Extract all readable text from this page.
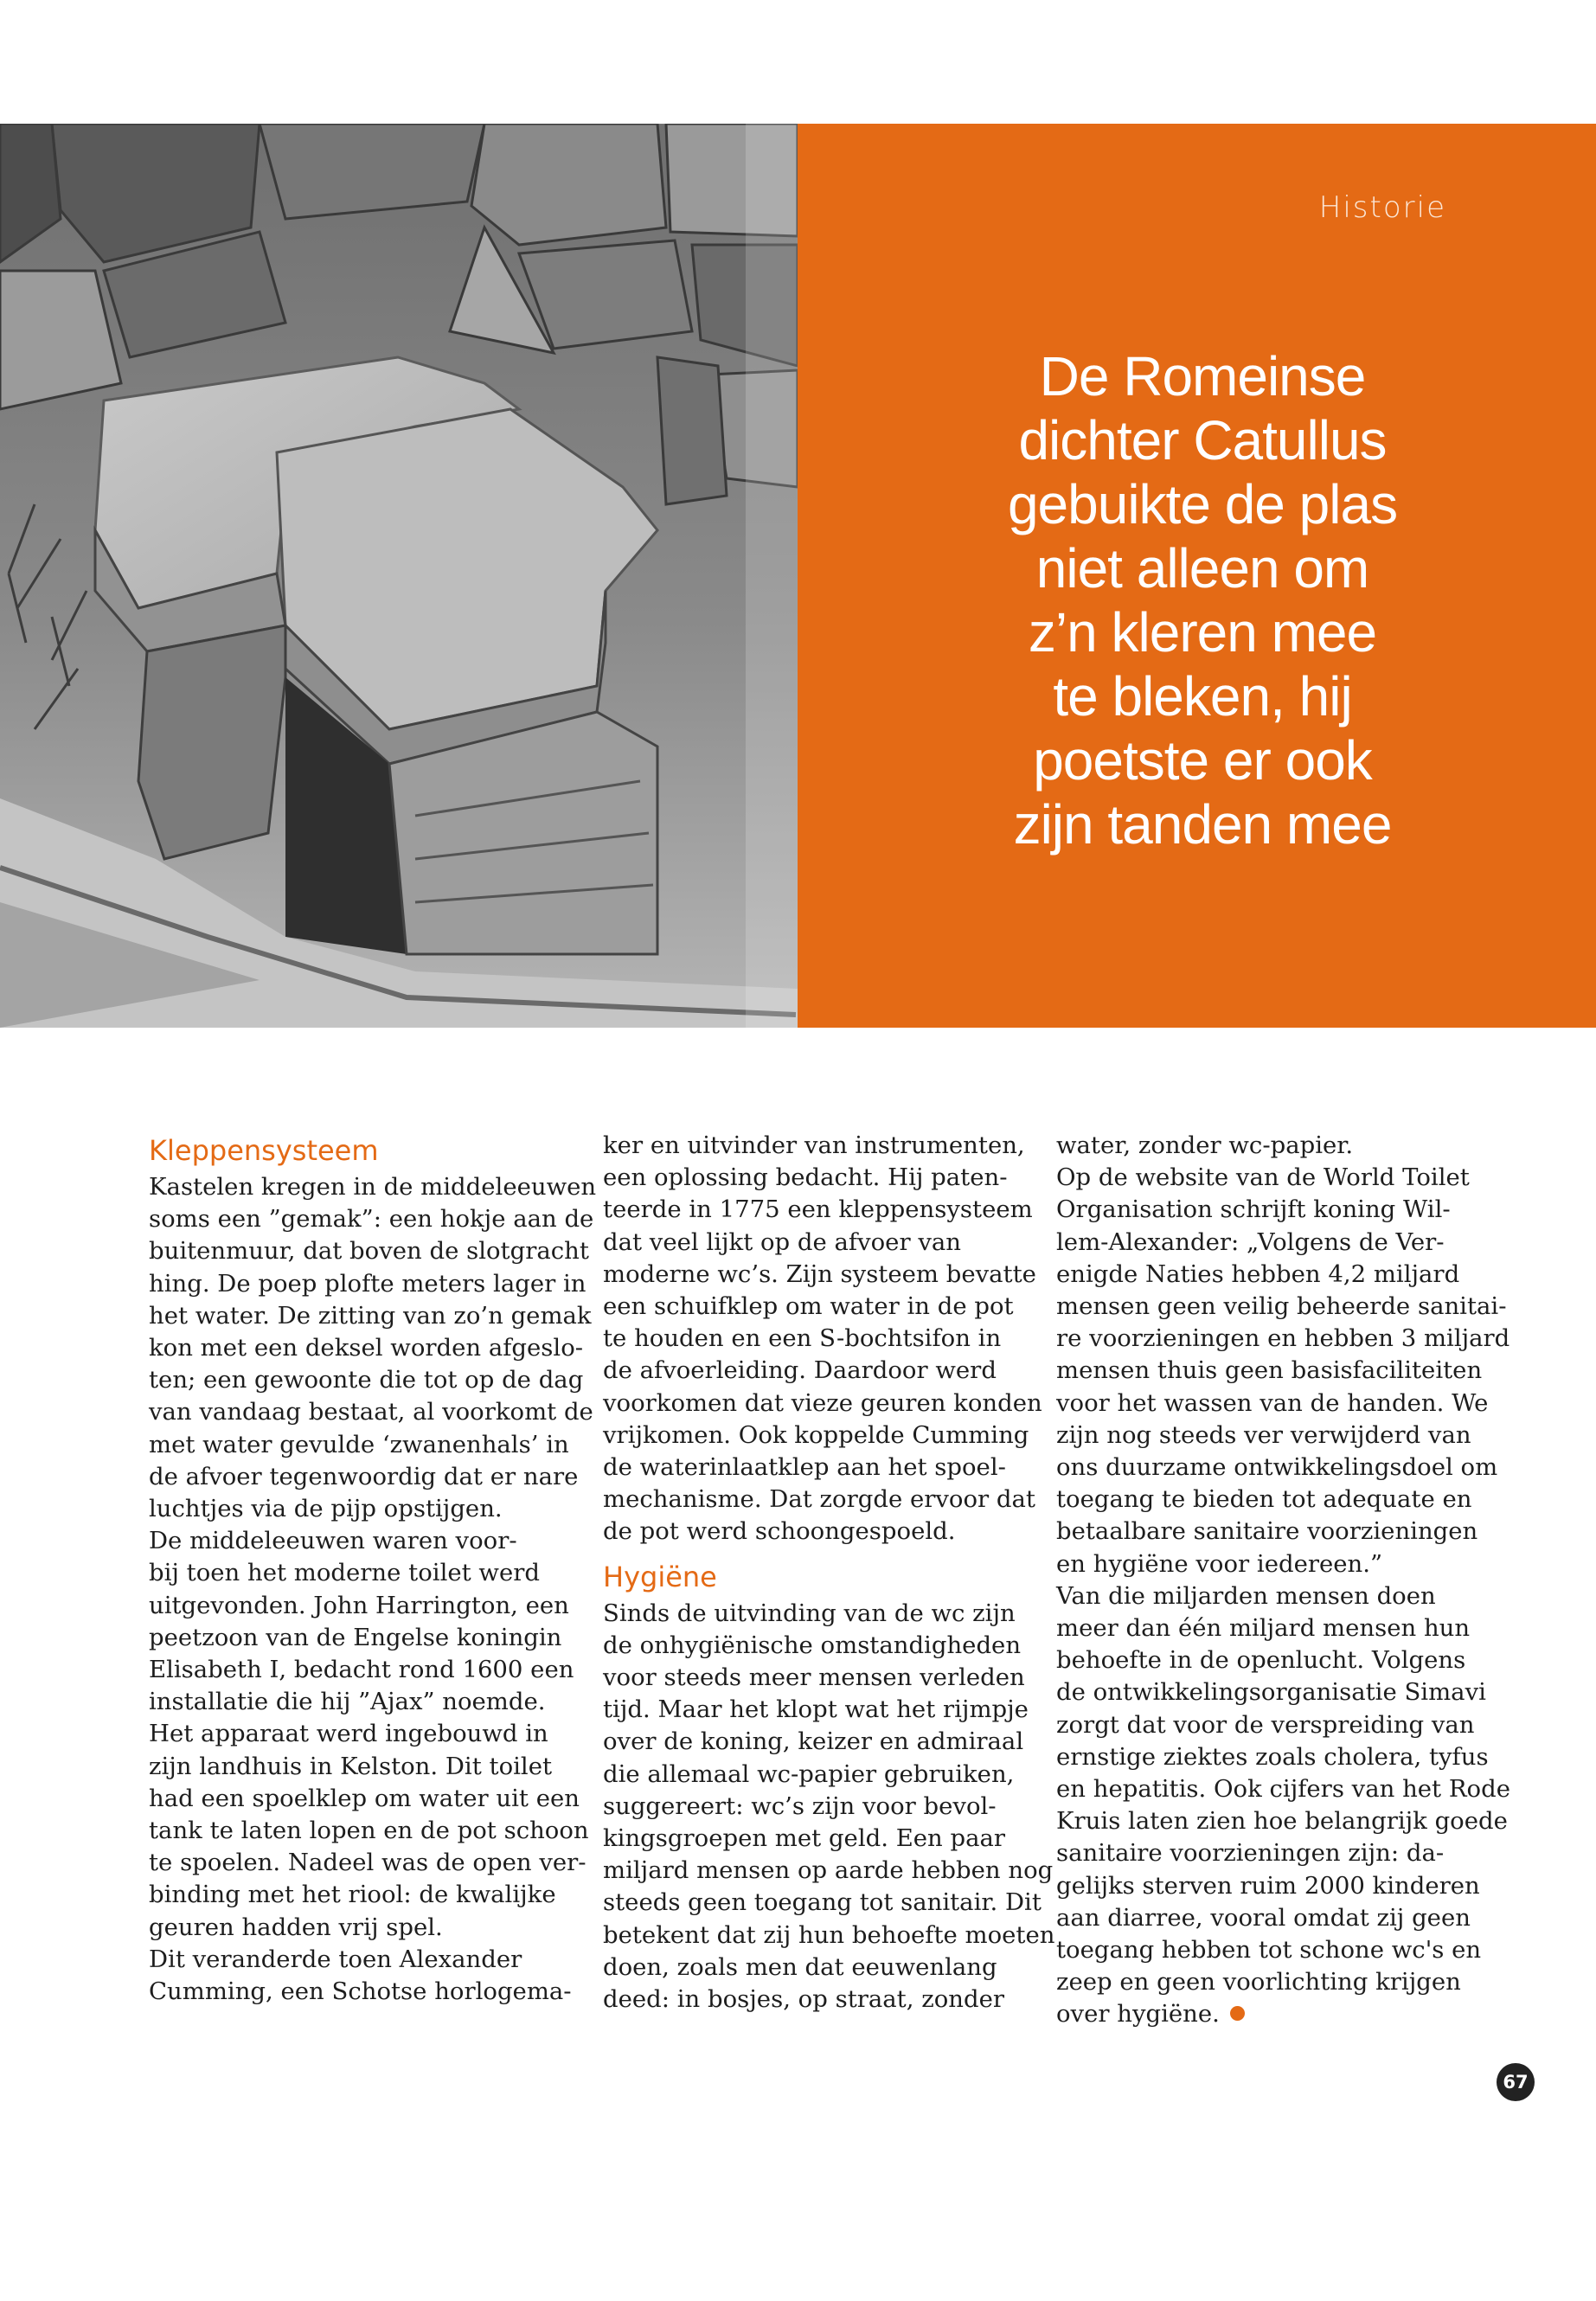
Historie

De Romeinse
dichter Catullus
gebuikte de plas
niet alleen om
z’n kleren mee
te bleken, hij
poetste er ook
zijn tanden mee

Kleppensysteem
Kastelen kregen in de middeleeuwen
soms een ”gemak”: een hokje aan de
buitenmuur, dat boven de slotgracht
hing. De poep plofte meters lager in
het water. De zitting van zo’n gemak
kon met een deksel worden afgeslo-
ten; een gewoonte die tot op de dag
van vandaag bestaat, al voorkomt de
met water gevulde ‘zwanenhals’ in
de afvoer tegenwoordig dat er nare
luchtjes via de pijp opstijgen.
De middeleeuwen waren voor-
bij toen het moderne toilet werd
uitgevonden. John Harrington, een
peetzoon van de Engelse koningin
Elisabeth I, bedacht rond 1600 een
installatie die hij ”Ajax” noemde.
Het apparaat werd ingebouwd in
zijn landhuis in Kelston. Dit toilet
had een spoelklep om water uit een
tank te laten lopen en de pot schoon
te spoelen. Nadeel was de open ver-
binding met het riool: de kwalijke
geuren hadden vrij spel.
Dit veranderde toen Alexander
Cumming, een Schotse horlogema-
ker en uitvinder van instrumenten,
een oplossing bedacht. Hij paten-
teerde in 1775 een kleppensysteem
dat veel lijkt op de afvoer van
moderne wc’s. Zijn systeem bevatte
een schuifklep om water in de pot
te houden en een S-bochtsifon in
de afvoerleiding. Daardoor werd
voorkomen dat vieze geuren konden
vrijkomen. Ook koppelde Cumming
de waterinlaatklep aan het spoel-
mechanisme. Dat zorgde ervoor dat
de pot werd schoongespoeld.
Hygiëne
Sinds de uitvinding van de wc zijn
de onhygiënische omstandigheden
voor steeds meer mensen verleden
tijd. Maar het klopt wat het rijmpje
over de koning, keizer en admiraal
die allemaal wc-papier gebruiken,
suggereert: wc’s zijn voor bevol-
kingsgroepen met geld. Een paar
miljard mensen op aarde hebben nog
steeds geen toegang tot sanitair. Dit
betekent dat zij hun behoefte moeten
doen, zoals men dat eeuwenlang
deed: in bosjes, op straat, zonder
water, zonder wc-papier.
Op de website van de World Toilet
Organisation schrijft koning Wil-
lem-Alexander: „Volgens de Ver-
enigde Naties hebben 4,2 miljard
mensen geen veilig beheerde sanitai-
re voorzieningen en hebben 3 miljard
mensen thuis geen basisfaciliteiten
voor het wassen van de handen. We
zijn nog steeds ver verwijderd van
ons duurzame ontwikkelingsdoel om
toegang te bieden tot adequate en
betaalbare sanitaire voorzieningen
en hygiëne voor iedereen.”
Van die miljarden mensen doen
meer dan één miljard mensen hun
behoefte in de openlucht. Volgens
de ontwikkelingsorganisatie Simavi
zorgt dat voor de verspreiding van
ernstige ziektes zoals cholera, tyfus
en hepatitis. Ook cijfers van het Rode
Kruis laten zien hoe belangrijk goede
sanitaire voorzieningen zijn: da-
gelijks sterven ruim 2000 kinderen
aan diarree, vooral omdat zij geen
toegang hebben tot schone wc's en
zeep en geen voorlichting krijgen
over hygiëne.
67
